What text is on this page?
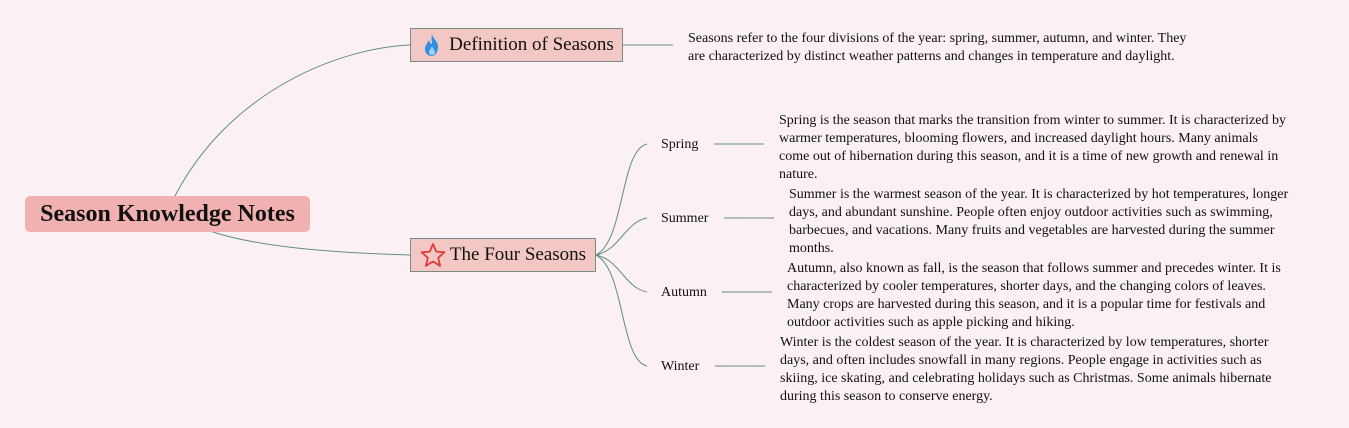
Season Knowledge Notes
Definition of Seasons
The Four Seasons
Seasons refer to the four divisions of the year: spring, summer, autumn, and winter. They are characterized by distinct weather patterns and changes in temperature and daylight.
Spring
Summer
Autumn
Winter
Spring is the season that marks the transition from winter to summer. It is characterized by warmer temperatures, blooming flowers, and increased daylight hours. Many animals come out of hibernation during this season, and it is a time of new growth and renewal in nature.
Summer is the warmest season of the year. It is characterized by hot temperatures, longer days, and abundant sunshine. People often enjoy outdoor activities such as swimming, barbecues, and vacations. Many fruits and vegetables are harvested during the summer months.
Autumn, also known as fall, is the season that follows summer and precedes winter. It is characterized by cooler temperatures, shorter days, and the changing colors of leaves. Many crops are harvested during this season, and it is a popular time for festivals and outdoor activities such as apple picking and hiking.
Winter is the coldest season of the year. It is characterized by low temperatures, shorter days, and often includes snowfall in many regions. People engage in activities such as skiing, ice skating, and celebrating holidays such as Christmas. Some animals hibernate during this season to conserve energy.
